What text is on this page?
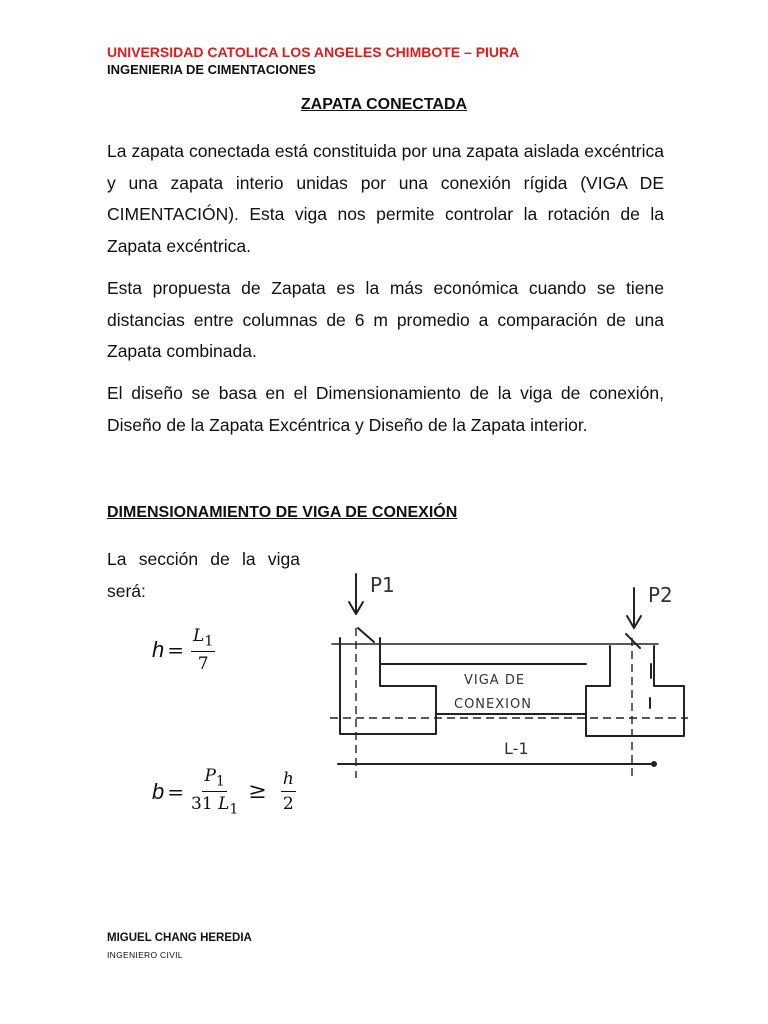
UNIVERSIDAD CATOLICA LOS ANGELES CHIMBOTE – PIURA
INGENIERIA DE CIMENTACIONES
ZAPATA CONECTADA
La zapata conectada está constituida por una zapata aislada excéntrica y una zapata interio unidas por una conexión rígida (VIGA DE CIMENTACIÓN). Esta viga nos permite controlar la rotación de la Zapata excéntrica.
Esta propuesta de Zapata es la más económica cuando se tiene distancias entre columnas de 6 m promedio a comparación de una Zapata combinada.
El diseño se basa en el Dimensionamiento de la viga de conexión, Diseño de la Zapata Excéntrica y Diseño de la Zapata interior.
DIMENSIONAMIENTO DE VIGA DE CONEXIÓN
La sección de la viga será:
$h = \frac{L_1}{7}$
$b = \frac{P_1}{31 L_1} \ge \frac{h}{2}$
P1	P2
VIGA DE
CONEXION
L-1
MIGUEL CHANG HEREDIA
INGENIERO CIVIL
